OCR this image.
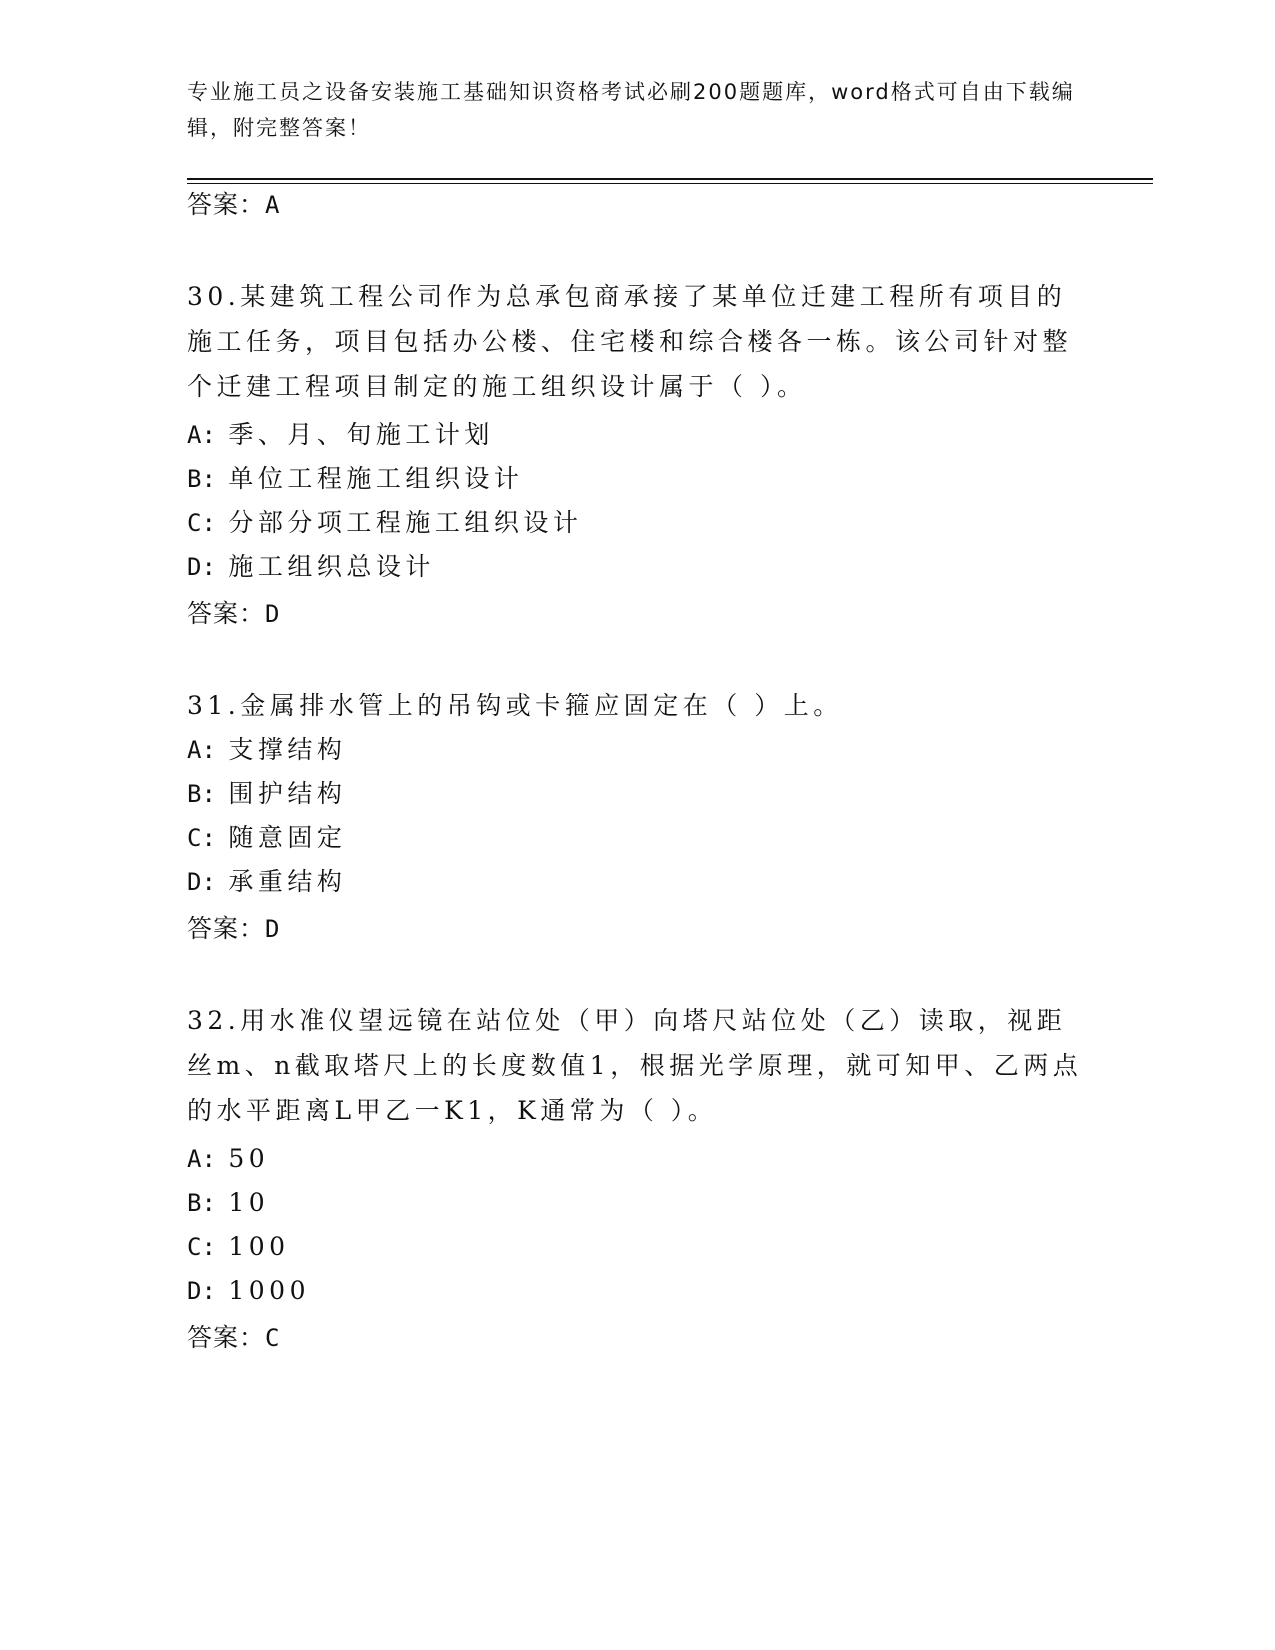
专业施工员之设备安装施工基础知识资格考试必刷200题题库，word格式可自由下载编辑，附完整答案！
答案：A
30.某建筑工程公司作为总承包商承接了某单位迁建工程所有项目的施工任务，项目包括办公楼、住宅楼和综合楼各一栋。该公司针对整个迁建工程项目制定的施工组织设计属于（ ）。
A: 季、月、旬施工计划
B: 单位工程施工组织设计
C: 分部分项工程施工组织设计
D: 施工组织总设计
答案：D
31.金属排水管上的吊钩或卡箍应固定在（ ）上。
A: 支撑结构
B: 围护结构
C: 随意固定
D: 承重结构
答案：D
32.用水准仪望远镜在站位处（甲）向塔尺站位处（乙）读取，视距丝m、n截取塔尺上的长度数值1，根据光学原理，就可知甲、乙两点的水平距离L甲乙一K1，K通常为（ ）。
A: 50
B: 10
C: 100
D: 1000
答案：C
